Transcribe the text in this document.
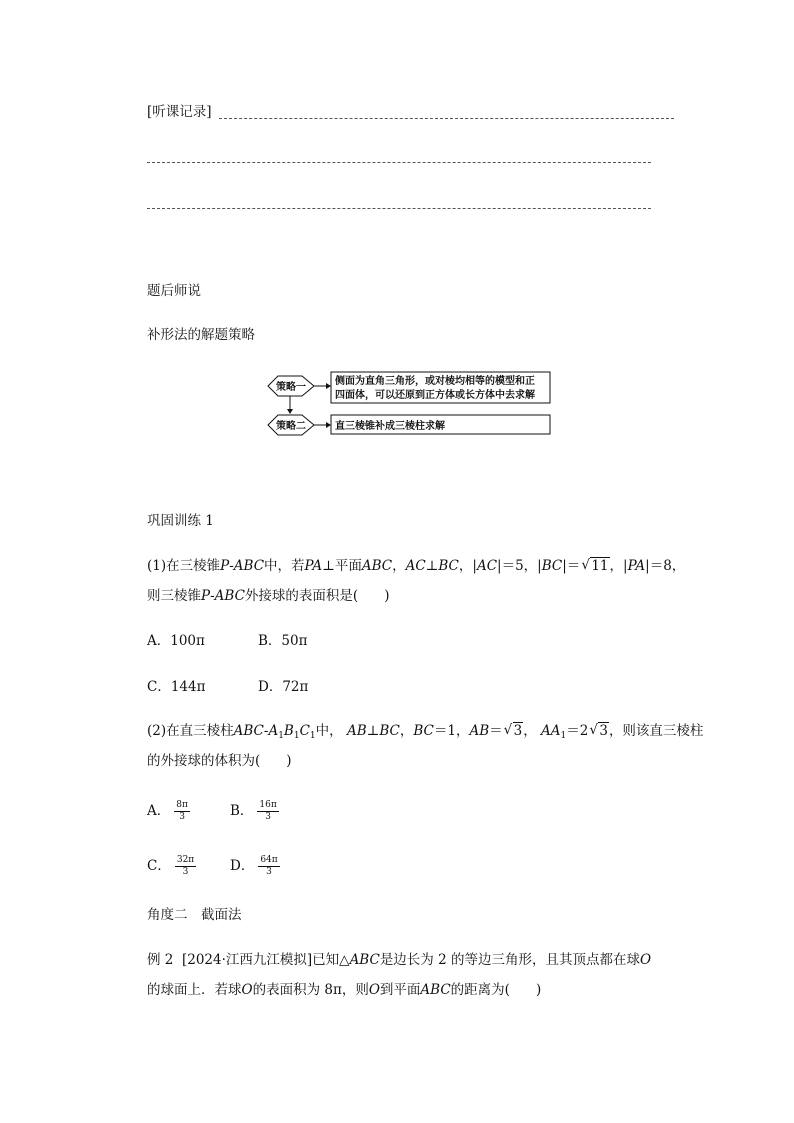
[听课记录]
题后师说
补形法的解题策略
策略一
侧面为直角三角形，或对棱均相等的模型和正
四面体，可以还原到正方体或长方体中去求解
策略二	直三棱锥补成三棱柱求解
巩固训练 1
(1)在三棱锥P-ABC中，若PA⊥平面ABC，AC⊥BC，|AC|＝5，|BC|＝√ 11，|PA|＝8，
则三棱锥P-ABC外接球的表面积是( )
A．100π	B．50π
C．144π	D．72π
(2)在直三棱柱ABC-$A_1B_1C_1$中， AB⊥BC，BC＝1，AB＝√ 3， $AA_1=2√$ 3，则该直三棱柱
的外接球的体积为( )
A． $\frac{8\pi}{3}$	B． $\frac{16\pi}{3}$
C． $\frac{32\pi}{3}$	D． $\frac{64\pi}{3}$
角度二　截面法
例 2 [2024·江西九江模拟]已知△ABC是边长为 2 的等边三角形，且其顶点都在球O
的球面上．若球O的表面积为 8π，则O到平面ABC的距离为( )
